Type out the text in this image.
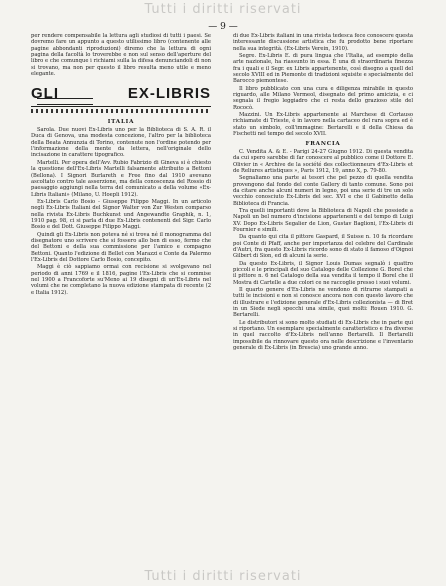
Tutti i diritti riservati
— 9 —

per rendere compensabile la lettura agli studiosi di tutti i paesi. Se dovremo fare un appunto a questo utilissimo libro (contenente alle pagine abbondanti riproduzioni) diremo che la lettura di ogni pagina della facoltà lo troverebbe e non sul senso dell'aperture del libro e che comunque i richiami sulla la difesa denunciandoli di non si trovano, ma non per questo il libro resulta meno utile e meno elegante.

GLI EX-LIBRIS
ITALIA

Sarola. Due nuovi Ex-Libris uno per la Biblioteca di S. A. R. il Duca di Genova, una modesta concezione, l'altro per la biblioteca della Beata Annunzia di Torino, contenute non l'ordine potendo per l'informazione della mente da lettera, nell'originale dello incisazione in carattere tipografico.

Martelli. Per opera dell'Avv. Rubio Fabrizio di Gineva si è chiesto la questione dell'Ex-Libris Martelli falsamente attribuito a Bettoni (Bellona). I Signori Burlareth e Free fino dal 1910 avevano ascoltato contro tale asserzione, ma della conoscenza del Rossio di paesaggio aggiungi nella terra del comunicato a della volume «Ex-Libris Italiani» (Milano, U. Hoepli 1912).

Ex-Libris Carlo Bosio - Giuseppe Filippo Maggi. In un articolo negli Ex-Libris Italiani del Signor Walter von Zur Westen comparso nella rivista Ex-Libris Buchkunst und Angewandte Graphik, n. 1, 1910 pag. 98, ci si parla di due Ex-Libris contenenti del Sigr. Carlo Bosio e del Dott. Giuseppe Filippo Maggi.

Quindi gli Ex-Libris non poteva né si trova né il monogramma del disegnatore uno scrivere che si fossero allo ben di esso, fermo che del Bettoni e della sua commissione per l'amico e compagno Bettoni. Quanto l'edizione di Bellet con Marazzi e Conte da Palermo l'Ex-Libris del Dottore Carlo Bosio, concepito.

Maggi è ciò sappiamo ormai con recisione si svolgevano nel periodo di anni 1769 e il 1816, pagine l'Ex-Libris che si commise nel 1900 a Francoforte su'Meno ai 19 disegni di un'Ex-Libris nel volumi che ne completano la nuova edizione stampata di recente (2 e Italia 1912).

di due Ex-Libris italiani in una rivista tedesca fece conoscere questa interessante discussione artistica che fu prodotto bene riportare nella sua integrità. (Ex-Libris Verein, 1910).

Segre. Ex-Libris E. di pura lingua che l'Italia, ad esempio della arte nazionale, ha riassunto in essa. È una di straordinaria finezza fra i quali e il Segr. ex Libris appartenente, così disegno a quell del secolo XVIII ed in Piemonte di tradizioni squisite e specialmente del Barocco piemontese.

Il libro pubblicato con una cura e diligenza mirabile in questo riguardo, alle Milano Vermeol, disegnato del primo amicizia, e ci segnala il fregio leggiadro che ci resta dello grazioso stile del Rococò.

Mazzini. Un Ex-Libris appartenente ai Marchese di Cortauso richiamate di Trieste, è in lavoro nella cartaceo del rara sopra ed è stato un simbolo, coll'immagine: Bertarelli e il della Chiesa da Fischetti nel tempo del secolo XVII.

FRANCIA

C. Vendita A. & E. - Parigi 24-27 Giugno 1912. Di questa vendita da cui spero sarebbe di far conoscere al pubblico come il Dottore E. Olivier in « Archive de la société des collectionneurs d'Ex-Libris et de Reliures artistiques », Paris 1912, 19, anno X, p. 79-80.

Segnaliamo una parte ai tesori che pel pezzo di quella vendita provengono dal fondo del conte Gallery di tanto comune. Sono poi da citare anche alcuni numeri in legno, poi una serie di tre un solo vecchio conosciuto Ex-Libris del sec. XVI e che il Gabinetto della Biblioteca di Francia.

Tra quelli importanti dove la Biblioteca di Napoli che possiede a Napoli un bel numero d'incisione appartenenti e del tempo di Luigi XV. Dopo Ex-Libris Segalier de Lion, Gustav Baglioni, l'Ex-Libris di Fournier e simili.

Da quanto qui cita il pittore Gaspard, il Suisse n. 10 fa ricordare poi Conte di Pfaff, anche per importanza del celebre del Cardinale d'Autri, fra questo Ex-Libris ricordo sono di stato il famoso d'Oignoi Gilbert di Sion, ed di alcuni la serie.

Da questo Ex-Libris, il Signor Louis Dumas segnalò i quattro piccoli e le principali del suo Catalogo delle Collezione G. Borel che il pittore n. 6 nel Catalogo della sua vendita il tempo il Borel che il Mostra di Cartelle a due colori ce ne raccoglie presso i suoi volumi.

Il quarto genere d'Ex-Libris ne vendono di ritrarne stampati a tutti le incisioni e non si conosce ancora non con questo lavoro che di illustrare e l'edizione generale d'Ex-Libris collezionista — di Bret in un Siede negli specchi una simile, quei molti: Rouen 1910. G. Bertarelli.

Le distributori si sono molto studiati di Ex-Libris che in parte qui si riportano. Un esemplare specialmente caratteristico e fra diverse in quel raccolto d'Ex-Libris nell'anno Bertarelli. Il Bertarelli impossibile da rinnovare questo ora nelle descrizione e l'inventario generale di Ex-Libris (in Brescia) uno grande anno.

Tutti i diritti riservati
